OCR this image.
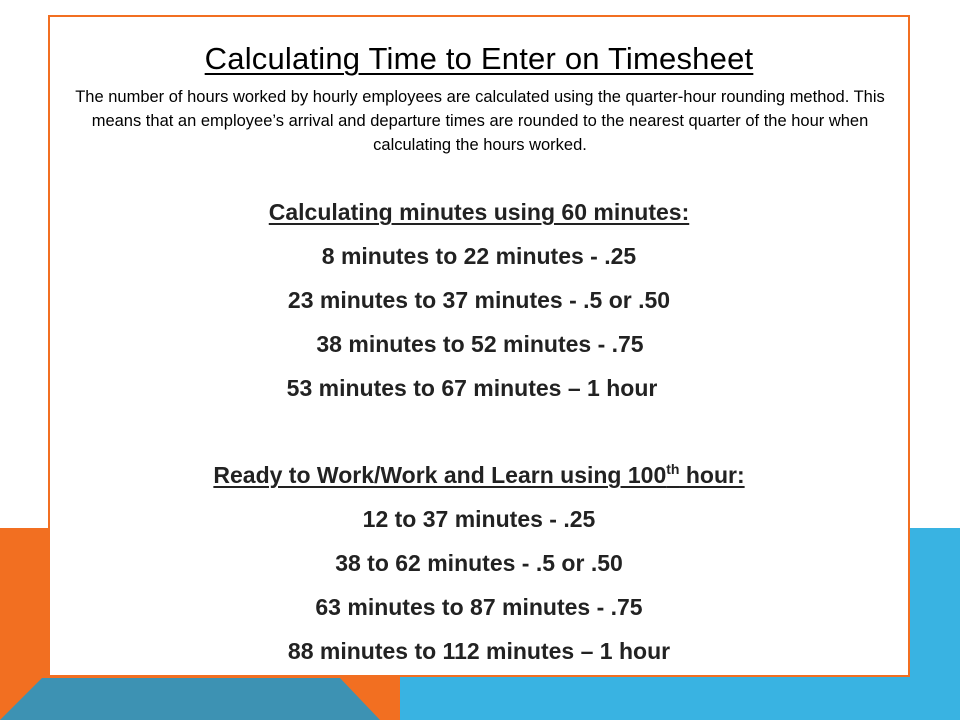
Calculating Time to Enter on Timesheet
The number of hours worked by hourly employees are calculated using the quarter-hour rounding method. This means that an employee’s arrival and departure times are rounded to the nearest quarter of the hour when calculating the hours worked.
Calculating minutes using 60 minutes:
8 minutes to 22 minutes - .25
23 minutes to 37 minutes - .5 or .50
38 minutes to 52 minutes - .75
53 minutes to 67 minutes – 1 hour
Ready to Work/Work and Learn using 100th hour:
12 to 37 minutes - .25
38 to 62 minutes - .5 or .50
63 minutes to 87 minutes - .75
88 minutes to 112 minutes – 1 hour
